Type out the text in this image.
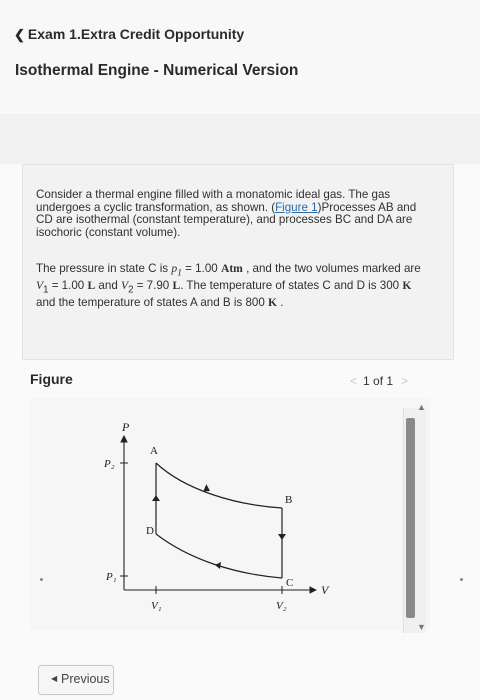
❮ Exam 1.Extra Credit Opportunity
Isothermal Engine - Numerical Version

Consider a thermal engine filled with a monatomic ideal gas. The gas undergoes a cyclic transformation, as shown. (Figure 1)Processes AB and CD are isothermal (constant temperature), and processes BC and DA are isochoric (constant volume).

The pressure in state C is $p_1 = 1.00$ Atm , and the two volumes marked are $V_1 = 1.00$ L and $V_2 = 7.90$ L. The temperature of states C and D is 300 K and the temperature of states A and B is 800 K .

Figure	< 1 of 1 >
P
V
P₂
P₁
V₁	V₂
A
B
C
D
▲
▼
◀ Previous
